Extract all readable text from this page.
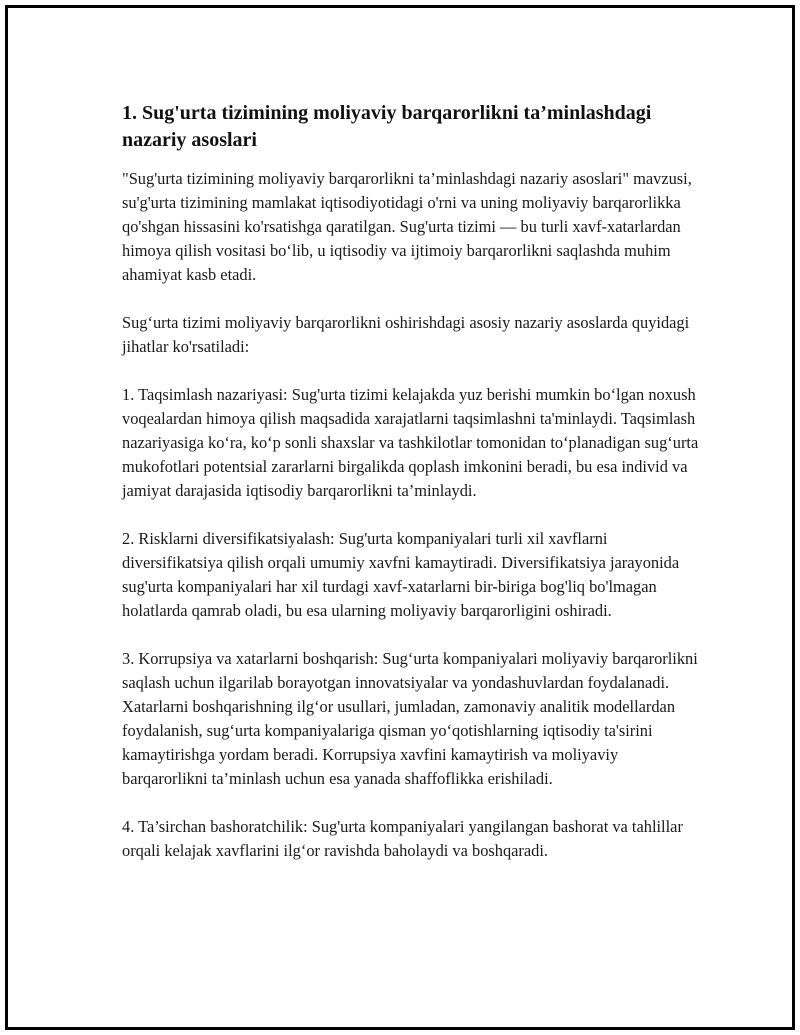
1. Sug'urta tizimining moliyaviy barqarorlikni ta’minlashdagi nazariy asoslari

"Sug'urta tizimining moliyaviy barqarorlikni ta’minlashdagi nazariy asoslari" mavzusi, su'g'urta tizimining mamlakat iqtisodiyotidagi o'rni va uning moliyaviy barqarorlikka qo'shgan hissasini ko'rsatishga qaratilgan. Sug'urta tizimi — bu turli xavf-xatarlardan himoya qilish vositasi bo‘lib, u iqtisodiy va ijtimoiy barqarorlikni saqlashda muhim ahamiyat kasb etadi.

Sug‘urta tizimi moliyaviy barqarorlikni oshirishdagi asosiy nazariy asoslarda quyidagi jihatlar ko'rsatiladi:

1. Taqsimlash nazariyasi: Sug'urta tizimi kelajakda yuz berishi mumkin bo‘lgan noxush voqealardan himoya qilish maqsadida xarajatlarni taqsimlashni ta'minlaydi. Taqsimlash nazariyasiga ko‘ra, ko‘p sonli shaxslar va tashkilotlar tomonidan to‘planadigan sug‘urta mukofotlari potentsial zararlarni birgalikda qoplash imkonini beradi, bu esa individ va jamiyat darajasida iqtisodiy barqarorlikni ta’minlaydi.

2. Risklarni diversifikatsiyalash: Sug'urta kompaniyalari turli xil xavflarni diversifikatsiya qilish orqali umumiy xavfni kamaytiradi. Diversifikatsiya jarayonida sug'urta kompaniyalari har xil turdagi xavf-xatarlarni bir-biriga bog'liq bo'lmagan holatlarda qamrab oladi, bu esa ularning moliyaviy barqarorligini oshiradi.

3. Korrupsiya va xatarlarni boshqarish: Sug‘urta kompaniyalari moliyaviy barqarorlikni saqlash uchun ilgarilab borayotgan innovatsiyalar va yondashuvlardan foydalanadi. Xatarlarni boshqarishning ilg‘or usullari, jumladan, zamonaviy analitik modellardan foydalanish, sug‘urta kompaniyalariga qisman yo‘qotishlarning iqtisodiy ta'sirini kamaytirishga yordam beradi. Korrupsiya xavfini kamaytirish va moliyaviy barqarorlikni ta’minlash uchun esa yanada shaffoflikka erishiladi.

4. Ta’sirchan bashoratchilik: Sug'urta kompaniyalari yangilangan bashorat va tahlillar orqali kelajak xavflarini ilg‘or ravishda baholaydi va boshqaradi.
